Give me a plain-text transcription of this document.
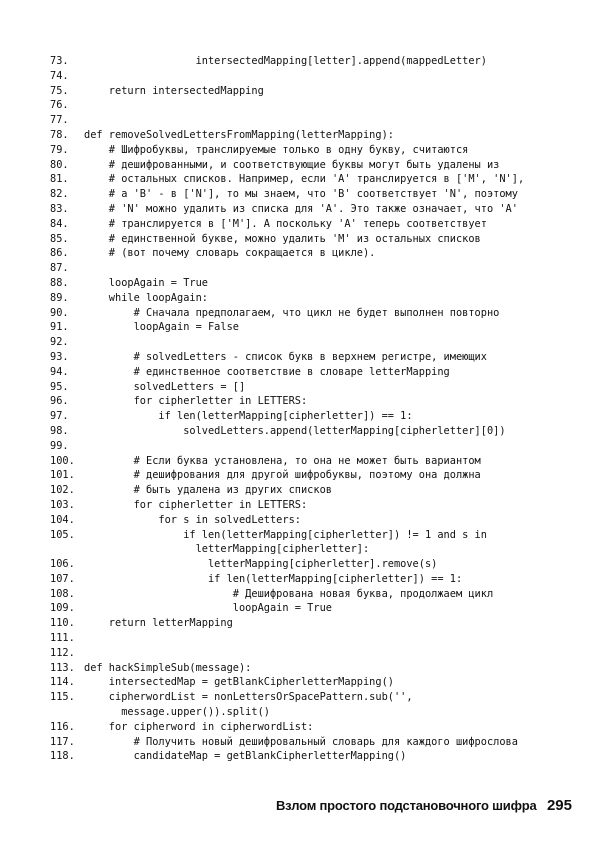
73.	intersectedMapping[letter].append(mappedLetter)
74.
75.	return intersectedMapping
76.
77.
78.	def removeSolvedLettersFromMapping(letterMapping):
79.	# Шифробуквы, транслируемые только в одну букву, считаются
80.	# дешифрованными, и соответствующие буквы могут быть удалены из
81.	# остальных списков. Например, если 'A' транслируется в ['M', 'N'],
82.	# а 'B' - в ['N'], то мы знаем, что 'B' соответствует 'N', поэтому
83.	# 'N' можно удалить из списка для 'A'. Это также означает, что 'A'
84.	# транслируется в ['M']. А поскольку 'A' теперь соответствует
85.	# единственной букве, можно удалить 'M' из остальных списков
86.	# (вот почему словарь сокращается в цикле).
87.
88.	loopAgain = True
89.	while loopAgain:
90.	# Сначала предполагаем, что цикл не будет выполнен повторно
91.	loopAgain = False
92.
93.	# solvedLetters - список букв в верхнем регистре, имеющих
94.	# единственное соответствие в словаре letterMapping
95.	solvedLetters = []
96.	for cipherletter in LETTERS:
97.	if len(letterMapping[cipherletter]) == 1:
98.	solvedLetters.append(letterMapping[cipherletter][0])
99.
100. # Если буква установлена, то она не может быть вариантом
101. # дешифрования для другой шифробуквы, поэтому она должна
102. # быть удалена из других списков
103. for cipherletter in LETTERS:
104. for s in solvedLetters:
105. if len(letterMapping[cipherletter]) != 1 and s in
letterMapping[cipherletter]:
106. letterMapping[cipherletter].remove(s)
107. if len(letterMapping[cipherletter]) == 1:
108. # Дешифрована новая буква, продолжаем цикл
109. loopAgain = True
110. return letterMapping
111.
112.
113. def hackSimpleSub(message):
114. intersectedMap = getBlankCipherletterMapping()
115. cipherwordList = nonLettersOrSpacePattern.sub('',
message.upper()).split()
116. for cipherword in cipherwordList:
117. # Получить новый дешифровальный словарь для каждого шифрослова
118. candidateMap = getBlankCipherletterMapping()
Взлом простого подстановочного шифра 295
